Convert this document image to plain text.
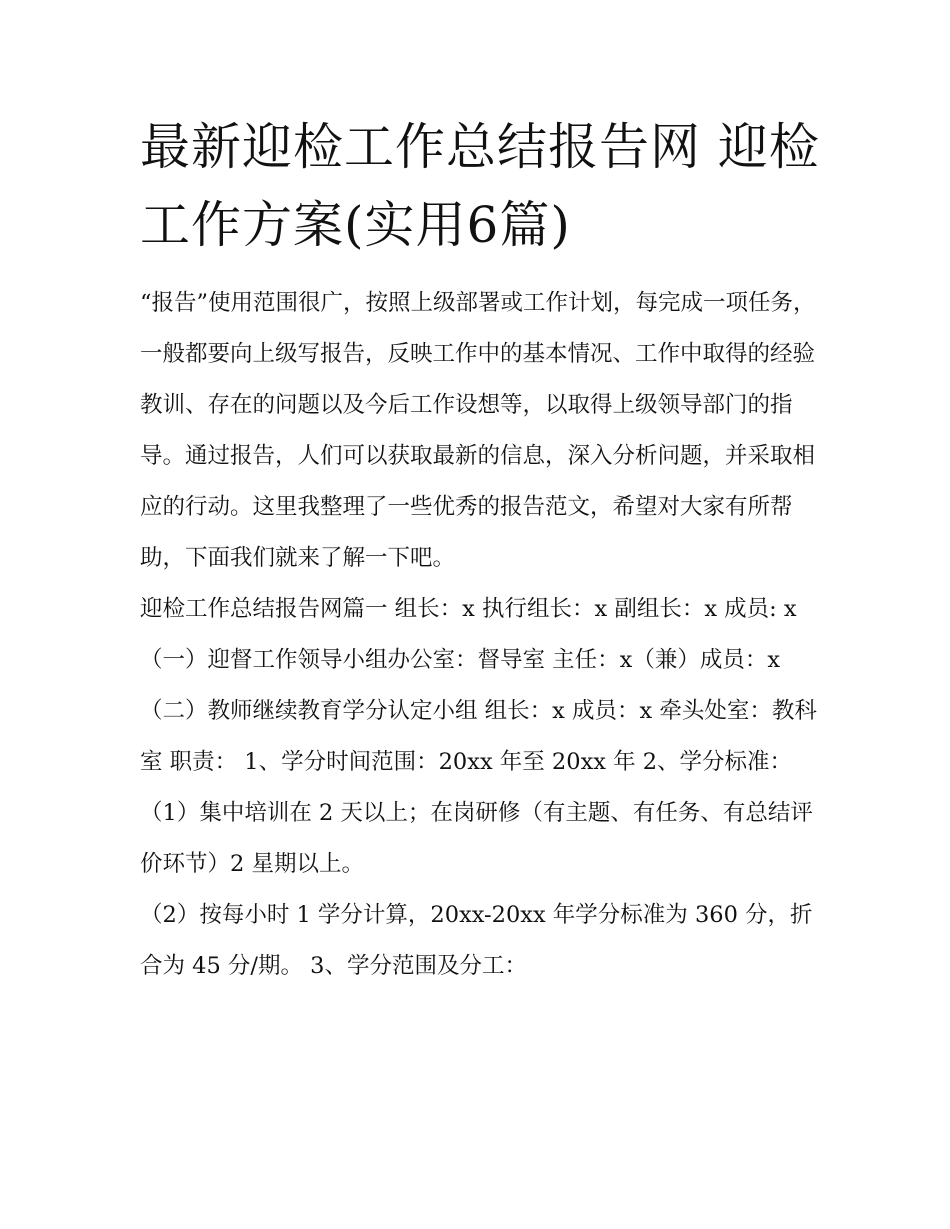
最新迎检工作总结报告网 迎检工作方案(实用6篇)

“报告”使用范围很广，按照上级部署或工作计划，每完成一项任务，一般都要向上级写报告，反映工作中的基本情况、工作中取得的经验教训、存在的问题以及今后工作设想等，以取得上级领导部门的指导。通过报告，人们可以获取最新的信息，深入分析问题，并采取相应的行动。这里我整理了一些优秀的报告范文，希望对大家有所帮助，下面我们就来了解一下吧。

迎检工作总结报告网篇一 组长：x 执行组长：x 副组长：x 成员: x （一）迎督工作领导小组办公室：督导室 主任：x（兼）成员：x

（二）教师继续教育学分认定小组 组长：x 成员：x 牵头处室：教科室 职责： 1、学分时间范围：20xx 年至 20xx 年 2、学分标准：

（1）集中培训在 2 天以上；在岗研修（有主题、有任务、有总结评价环节）2 星期以上。

（2）按每小时 1 学分计算，20xx-20xx 年学分标准为 360 分，折合为 45 分/期。 3、学分范围及分工：
